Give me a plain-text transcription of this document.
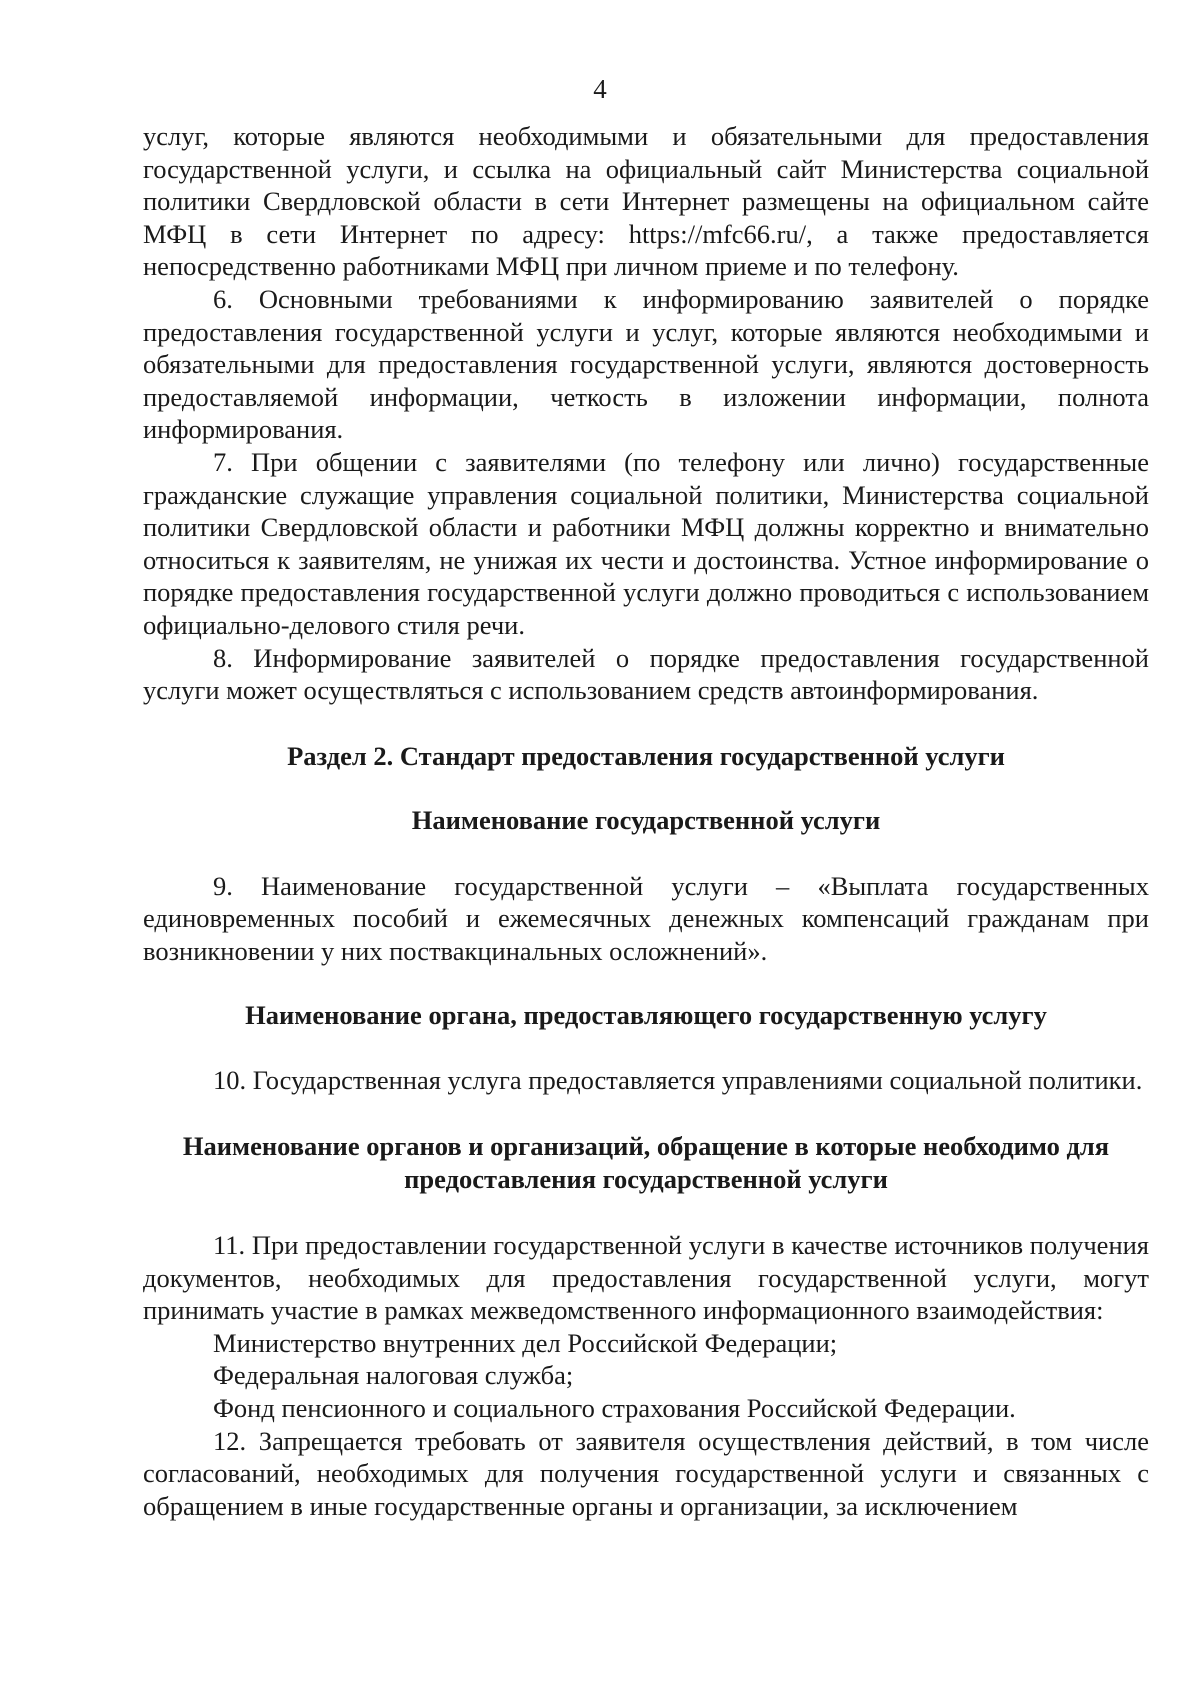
4

услуг, которые являются необходимыми и обязательными для предоставления государственной услуги, и ссылка на официальный сайт Министерства социальной политики Свердловской области в сети Интернет размещены на официальном сайте МФЦ в сети Интернет по адресу: https://mfc66.ru/, а также предоставляется непосредственно работниками МФЦ при личном приеме и по телефону.

6. Основными требованиями к информированию заявителей о порядке предоставления государственной услуги и услуг, которые являются необходимыми и обязательными для предоставления государственной услуги, являются достоверность предоставляемой информации, четкость в изложении информации, полнота информирования.

7. При общении с заявителями (по телефону или лично) государственные гражданские служащие управления социальной политики, Министерства социальной политики Свердловской области и работники МФЦ должны корректно и внимательно относиться к заявителям, не унижая их чести и достоинства. Устное информирование о порядке предоставления государственной услуги должно проводиться с использованием официально-делового стиля речи.

8. Информирование заявителей о порядке предоставления государственной услуги может осуществляться с использованием средств автоинформирования.

Раздел 2. Стандарт предоставления государственной услуги
Наименование государственной услуги

9. Наименование государственной услуги – «Выплата государственных единовременных пособий и ежемесячных денежных компенсаций гражданам при возникновении у них поствакцинальных осложнений».

Наименование органа, предоставляющего государственную услугу

10. Государственная услуга предоставляется управлениями социальной политики.

Наименование органов и организаций, обращение в которые необходимо для предоставления государственной услуги

11. При предоставлении государственной услуги в качестве источников получения документов, необходимых для предоставления государственной услуги, могут принимать участие в рамках межведомственного информационного взаимодействия:

Министерство внутренних дел Российской Федерации;

Федеральная налоговая служба;

Фонд пенсионного и социального страхования Российской Федерации.

12. Запрещается требовать от заявителя осуществления действий, в том числе согласований, необходимых для получения государственной услуги и связанных с обращением в иные государственные органы и организации, за исключением
